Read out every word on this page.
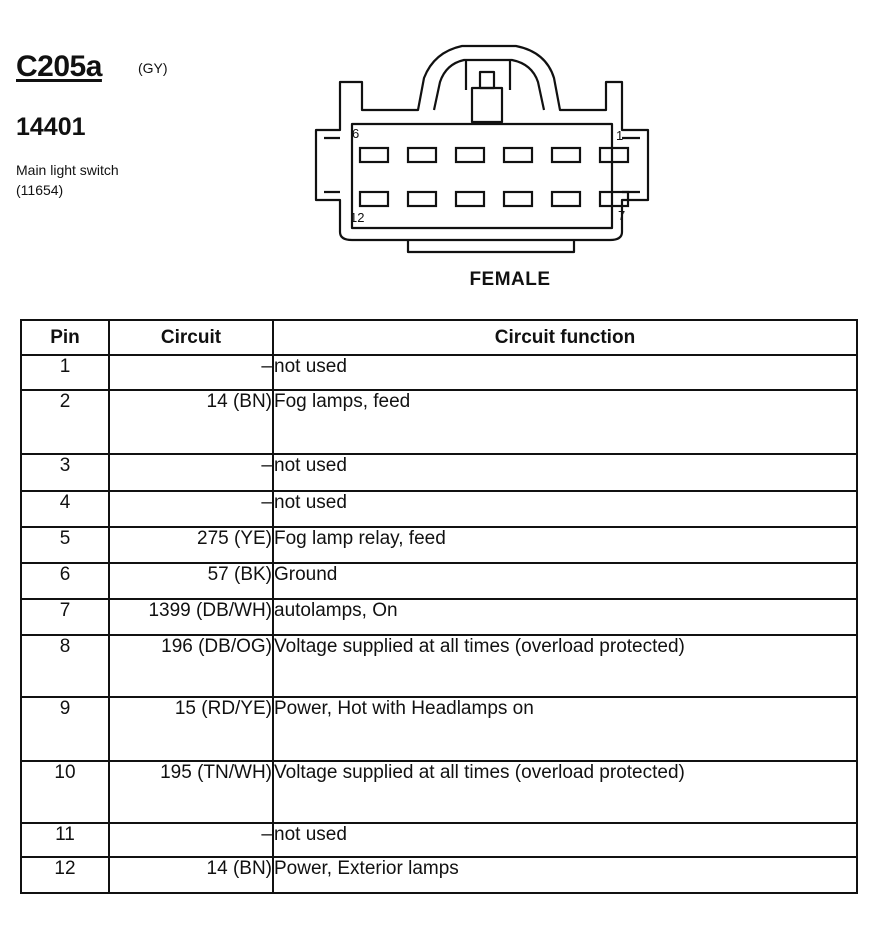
C205a	(GY)
14401
Main light switch
(11654)
6	1
12	7
FEMALE
Pin	Circuit	Circuit function
1	–	not used
2	14 (BN)	Fog lamps, feed
3	–	not used
4	–	not used
5	275 (YE)	Fog lamp relay, feed
6	57 (BK)	Ground
7	1399 (DB/WH)	autolamps, On
8	196 (DB/OG)	Voltage supplied at all times (overload protected)
9	15 (RD/YE)	Power, Hot with Headlamps on
10	195 (TN/WH)	Voltage supplied at all times (overload protected)
11	–	not used
12	14 (BN)	Power, Exterior lamps
